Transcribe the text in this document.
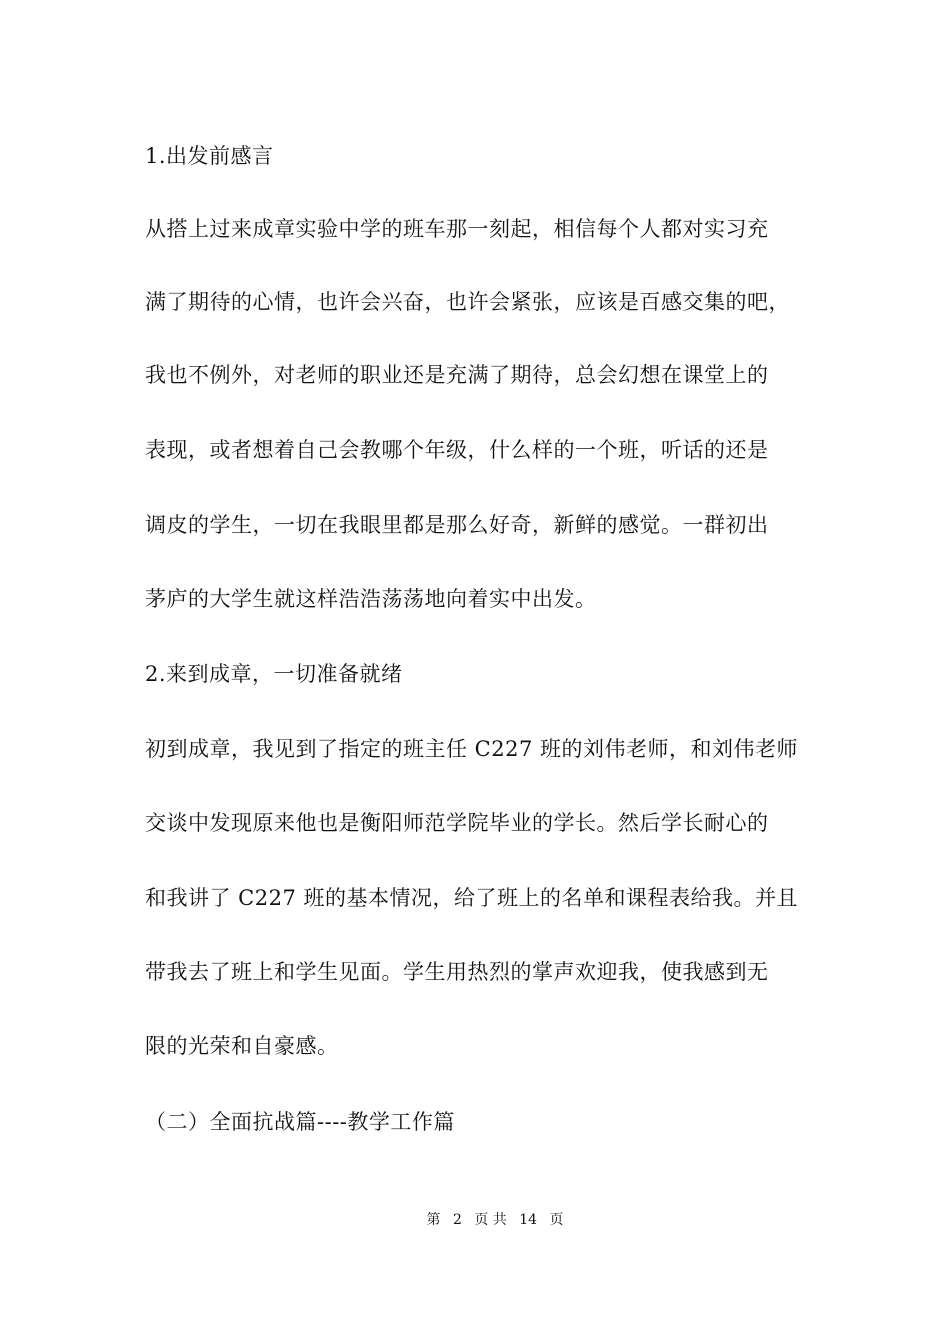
1.出发前感言
从搭上过来成章实验中学的班车那一刻起，相信每个人都对实习充
满了期待的心情，也许会兴奋，也许会紧张，应该是百感交集的吧，
我也不例外，对老师的职业还是充满了期待，总会幻想在课堂上的
表现，或者想着自己会教哪个年级，什么样的一个班，听话的还是
调皮的学生，一切在我眼里都是那么好奇，新鲜的感觉。一群初出
茅庐的大学生就这样浩浩荡荡地向着实中出发。
2.来到成章，一切准备就绪
初到成章，我见到了指定的班主任 C227 班的刘伟老师，和刘伟老师
交谈中发现原来他也是衡阳师范学院毕业的学长。然后学长耐心的
和我讲了 C227 班的基本情况，给了班上的名单和课程表给我。并且
带我去了班上和学生见面。学生用热烈的掌声欢迎我，使我感到无
限的光荣和自豪感。
（二）全面抗战篇----教学工作篇
第 2 页 共 14 页
